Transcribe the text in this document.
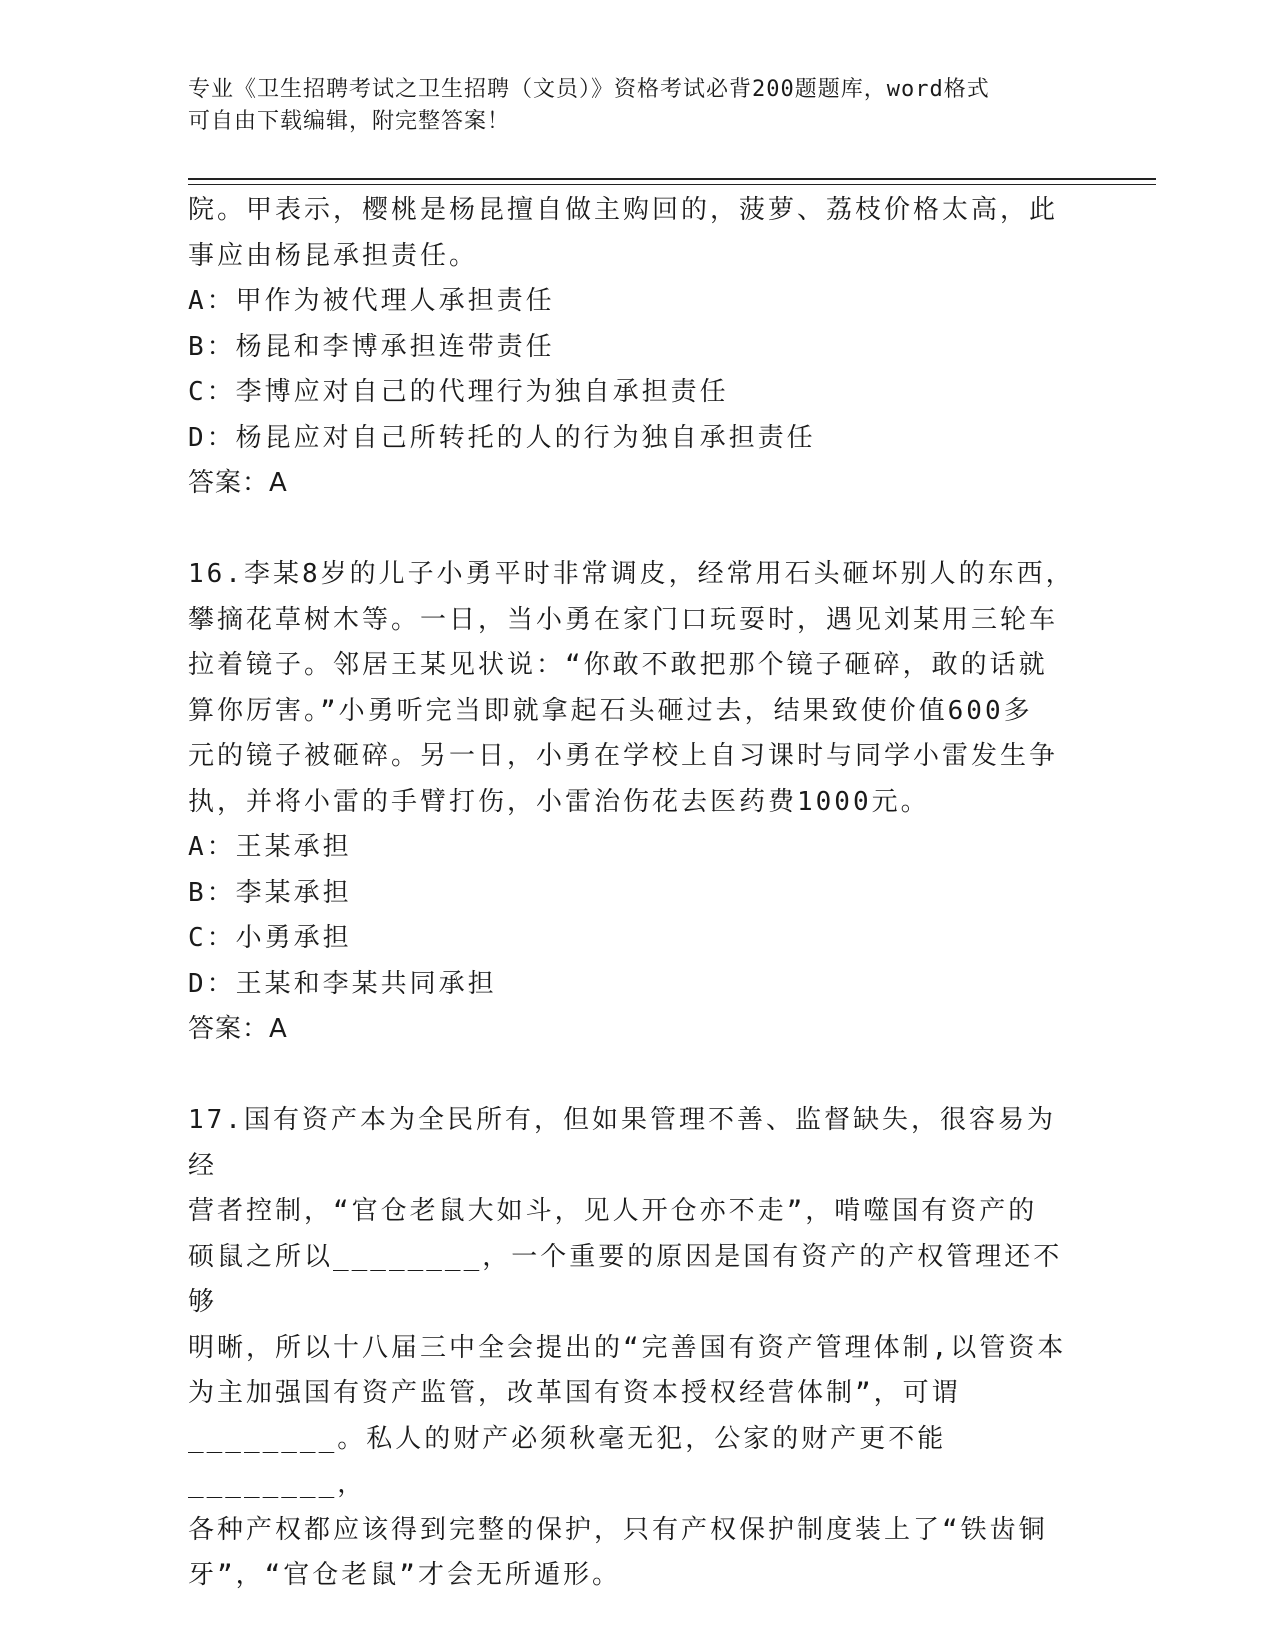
专业《卫生招聘考试之卫生招聘（文员）》资格考试必背200题题库，word格式
可自由下载编辑，附完整答案！

院。甲表示，樱桃是杨昆擅自做主购回的，菠萝、荔枝价格太高，此

事应由杨昆承担责任。

A：甲作为被代理人承担责任

B：杨昆和李博承担连带责任

C：李博应对自己的代理行为独自承担责任

D：杨昆应对自己所转托的人的行为独自承担责任

答案：A

16.李某8岁的儿子小勇平时非常调皮，经常用石头砸坏别人的东西，

攀摘花草树木等。一日，当小勇在家门口玩耍时，遇见刘某用三轮车

拉着镜子。邻居王某见状说：“你敢不敢把那个镜子砸碎，敢的话就

算你厉害。”小勇听完当即就拿起石头砸过去，结果致使价值600多

元的镜子被砸碎。另一日，小勇在学校上自习课时与同学小雷发生争

执，并将小雷的手臂打伤，小雷治伤花去医药费1000元。

A：王某承担

B：李某承担

C：小勇承担

D：王某和李某共同承担

答案：A

17.国有资产本为全民所有，但如果管理不善、监督缺失，很容易为经

营者控制，“官仓老鼠大如斗，见人开仓亦不走”，啃噬国有资产的

硕鼠之所以________，一个重要的原因是国有资产的产权管理还不够

明晰，所以十八届三中全会提出的“完善国有资产管理体制,以管资本

为主加强国有资产监管，改革国有资本授权经营体制”，可谓

________。私人的财产必须秋毫无犯，公家的财产更不能________，

各种产权都应该得到完整的保护，只有产权保护制度装上了“铁齿铜

牙”，“官仓老鼠”才会无所遁形。
